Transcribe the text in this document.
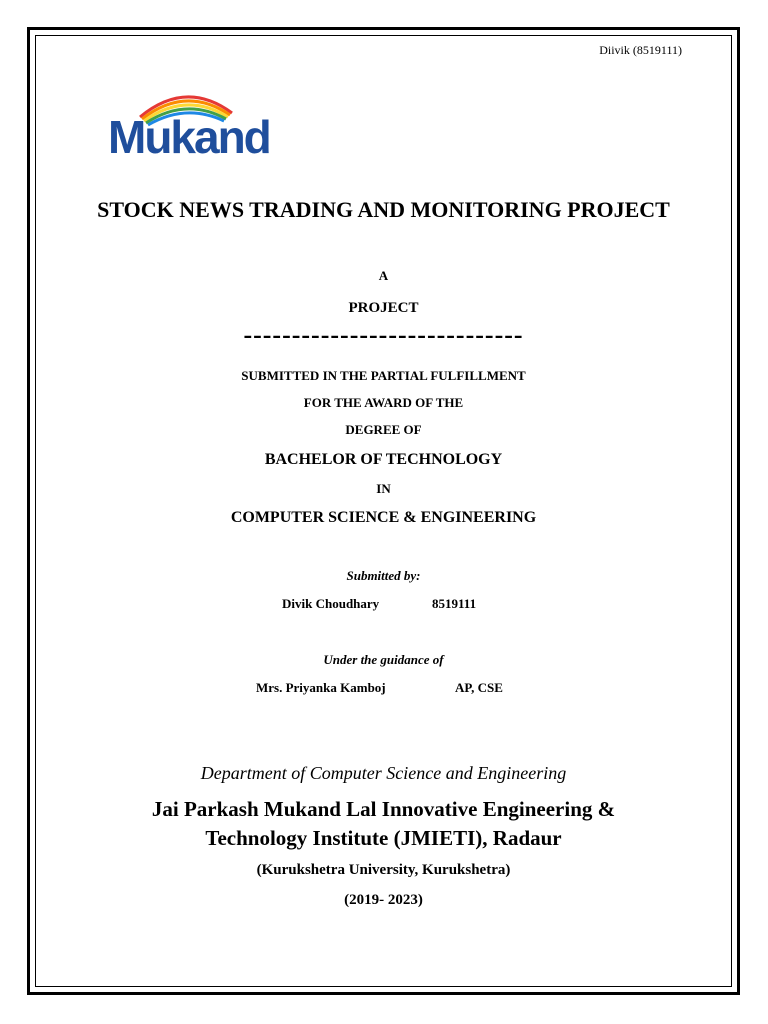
Diivik (8519111)
Mukand
STOCK NEWS TRADING AND MONITORING PROJECT
A
PROJECT
-----------------------------
SUBMITTED IN THE PARTIAL FULFILLMENT
FOR THE AWARD OF THE
DEGREE OF
BACHELOR OF TECHNOLOGY
IN
COMPUTER SCIENCE & ENGINEERING
Submitted by:
Divik Choudhary	8519111
Under the guidance of
Mrs. Priyanka Kamboj	AP, CSE
Department of Computer Science and Engineering
Jai Parkash Mukand Lal Innovative Engineering &
Technology Institute (JMIETI), Radaur
(Kurukshetra University, Kurukshetra)
(2019- 2023)
